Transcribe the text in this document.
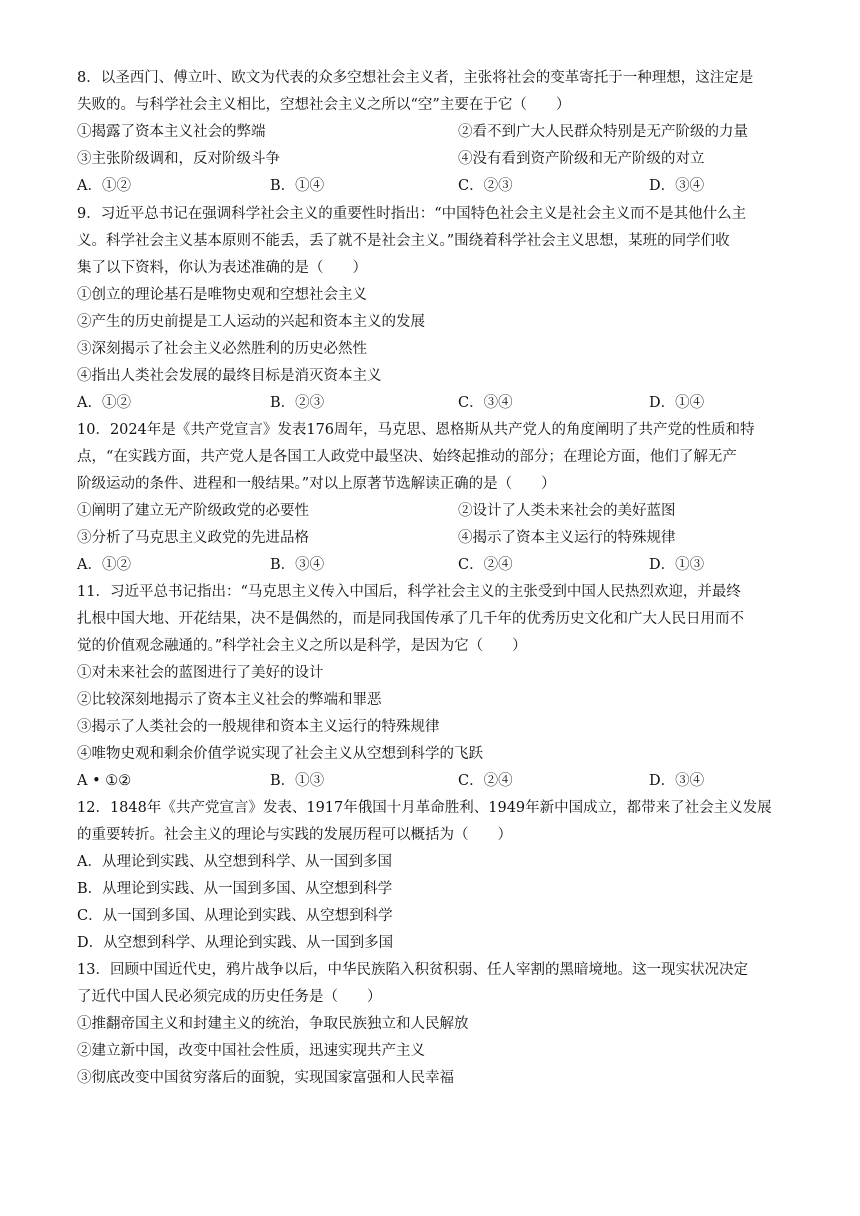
8．以圣西门、傅立叶、欧文为代表的众多空想社会主义者，主张将社会的变革寄托于一种理想，这注定是
失败的。与科学社会主义相比，空想社会主义之所以“空”主要在于它（　　）
①揭露了资本主义社会的弊端	②看不到广大人民群众特别是无产阶级的力量
③主张阶级调和，反对阶级斗争	④没有看到资产阶级和无产阶级的对立
A．①②	B．①④	C．②③	D．③④
9．习近平总书记在强调科学社会主义的重要性时指出：“中国特色社会主义是社会主义而不是其他什么主
义。科学社会主义基本原则不能丢，丢了就不是社会主义。”围绕着科学社会主义思想，某班的同学们收
集了以下资料，你认为表述准确的是（　　）
①创立的理论基石是唯物史观和空想社会主义
②产生的历史前提是工人运动的兴起和资本主义的发展
③深刻揭示了社会主义必然胜利的历史必然性
④指出人类社会发展的最终目标是消灭资本主义
A．①②	B．②③	C．③④	D．①④
10．2024年是《共产党宣言》发表176周年，马克思、恩格斯从共产党人的角度阐明了共产党的性质和特
点，“在实践方面，共产党人是各国工人政党中最坚决、始终起推动的部分；在理论方面，他们了解无产
阶级运动的条件、进程和一般结果。”对以上原著节选解读正确的是（　　）
①阐明了建立无产阶级政党的必要性	②设计了人类未来社会的美好蓝图
③分析了马克思主义政党的先进品格	④揭示了资本主义运行的特殊规律
A．①②	B．③④	C．②④	D．①③
11．习近平总书记指出：“马克思主义传入中国后，科学社会主义的主张受到中国人民热烈欢迎，并最终
扎根中国大地、开花结果，决不是偶然的，而是同我国传承了几千年的优秀历史文化和广大人民日用而不
觉的价值观念融通的。”科学社会主义之所以是科学，是因为它（　　）
①对未来社会的蓝图进行了美好的设计
②比较深刻地揭示了资本主义社会的弊端和罪恶
③揭示了人类社会的一般规律和资本主义运行的特殊规律
④唯物史观和剩余价值学说实现了社会主义从空想到科学的飞跃
A • ①②	B．①③	C．②④	D．③④
12．1848年《共产党宣言》发表、1917年俄国十月革命胜利、1949年新中国成立，都带来了社会主义发展
的重要转折。社会主义的理论与实践的发展历程可以概括为（　　）
A．从理论到实践、从空想到科学、从一国到多国
B．从理论到实践、从一国到多国、从空想到科学
C．从一国到多国、从理论到实践、从空想到科学
D．从空想到科学、从理论到实践、从一国到多国
13．回顾中国近代史，鸦片战争以后，中华民族陷入积贫积弱、任人宰割的黑暗境地。这一现实状况决定
了近代中国人民必须完成的历史任务是（　　）
①推翻帝国主义和封建主义的统治，争取民族独立和人民解放
②建立新中国，改变中国社会性质，迅速实现共产主义
③彻底改变中国贫穷落后的面貌，实现国家富强和人民幸福
